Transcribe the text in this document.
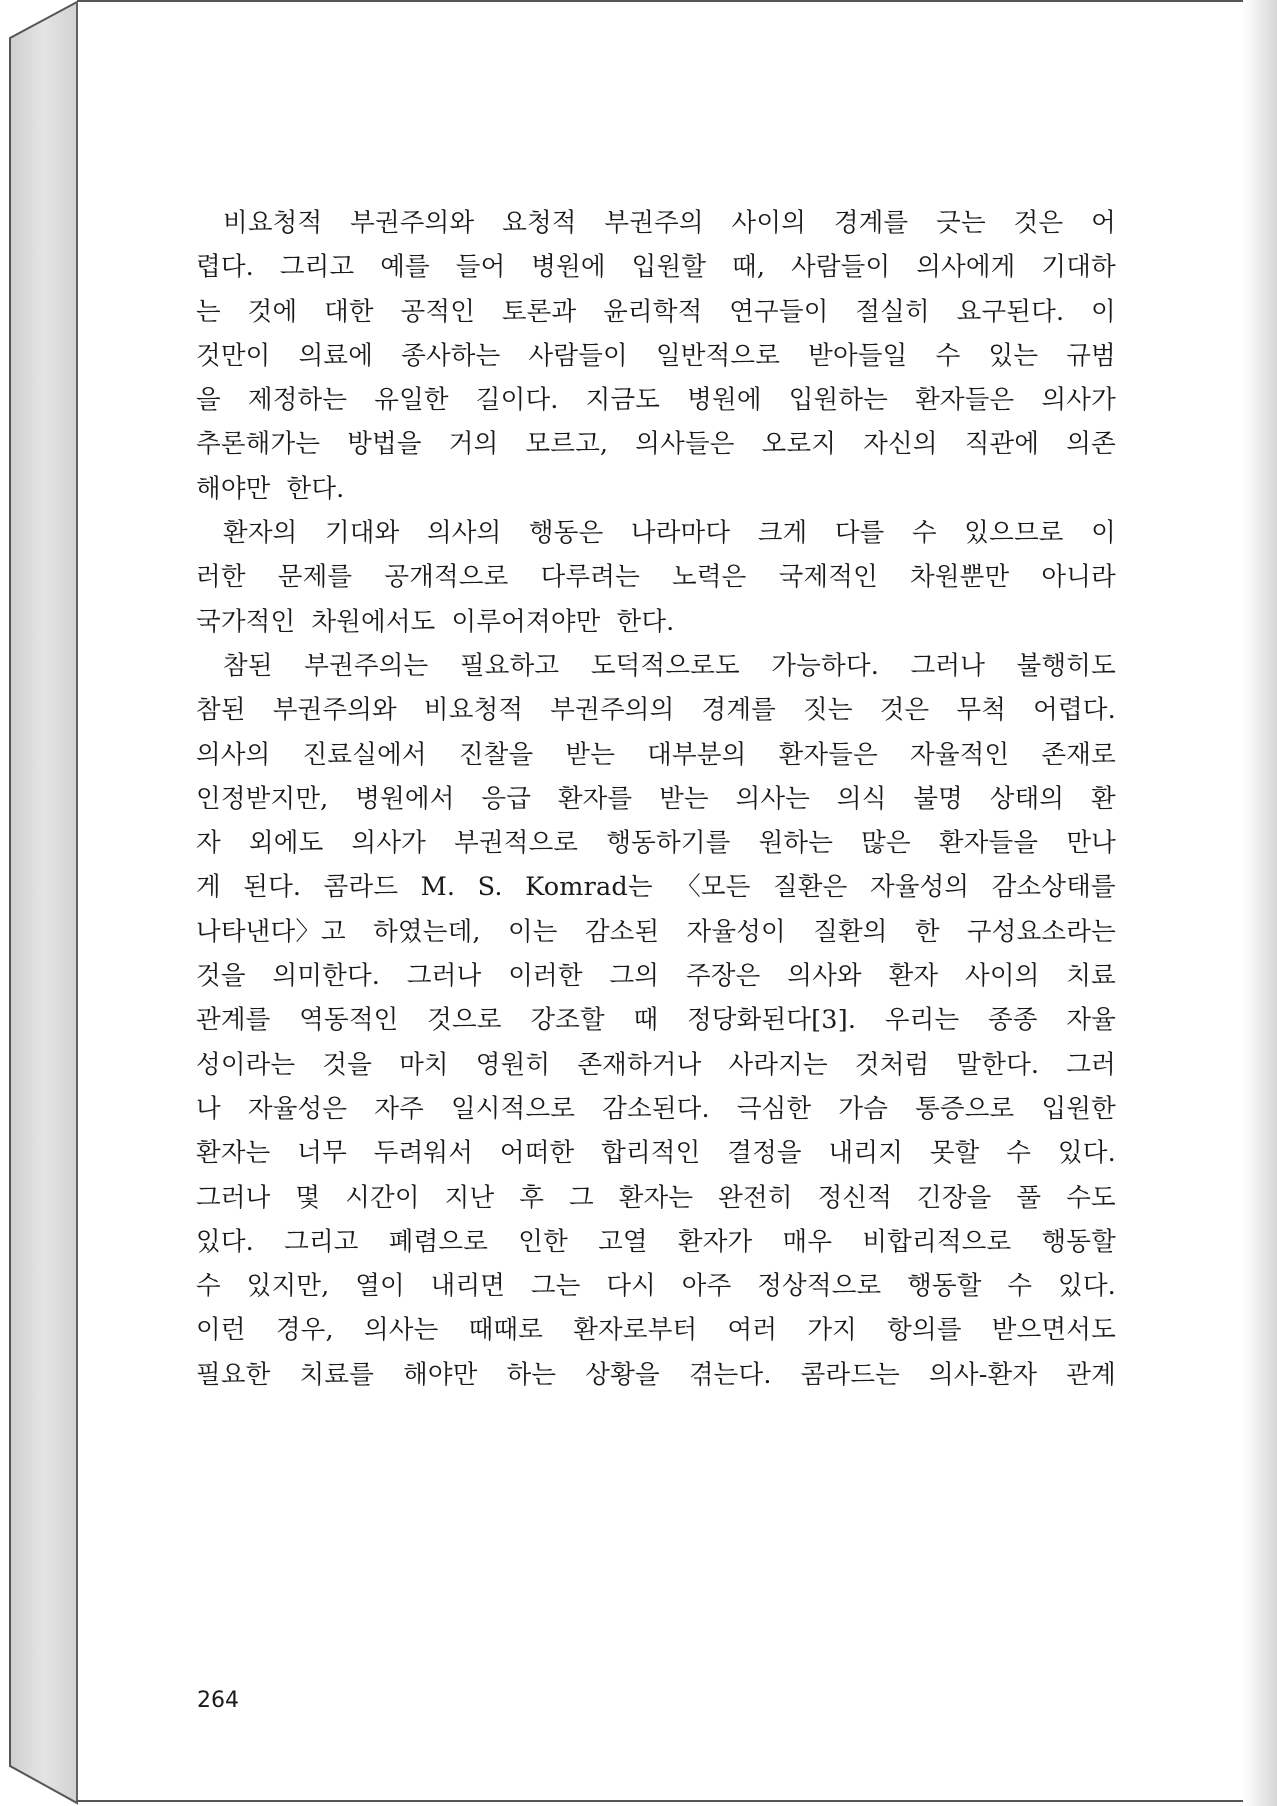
비요청적 부권주의와 요청적 부권주의 사이의 경계를 긋는 것은 어
렵다. 그리고 예를 들어 병원에 입원할 때, 사람들이 의사에게 기대하
는 것에 대한 공적인 토론과 윤리학적 연구들이 절실히 요구된다. 이
것만이 의료에 종사하는 사람들이 일반적으로 받아들일 수 있는 규범
을 제정하는 유일한 길이다. 지금도 병원에 입원하는 환자들은 의사가
추론해가는 방법을 거의 모르고, 의사들은 오로지 자신의 직관에 의존
해야만 한다.
환자의 기대와 의사의 행동은 나라마다 크게 다를 수 있으므로 이
러한 문제를 공개적으로 다루려는 노력은 국제적인 차원뿐만 아니라
국가적인 차원에서도 이루어져야만 한다.
참된 부권주의는 필요하고 도덕적으로도 가능하다. 그러나 불행히도
참된 부권주의와 비요청적 부권주의의 경계를 짓는 것은 무척 어렵다.
의사의 진료실에서 진찰을 받는 대부분의 환자들은 자율적인 존재로
인정받지만, 병원에서 응급 환자를 받는 의사는 의식 불명 상태의 환
자 외에도 의사가 부권적으로 행동하기를 원하는 많은 환자들을 만나
게 된다. 콤라드 M. S. Komrad는 〈모든 질환은 자율성의 감소상태를
나타낸다〉고 하였는데, 이는 감소된 자율성이 질환의 한 구성요소라는
것을 의미한다. 그러나 이러한 그의 주장은 의사와 환자 사이의 치료
관계를 역동적인 것으로 강조할 때 정당화된다[3]. 우리는 종종 자율
성이라는 것을 마치 영원히 존재하거나 사라지는 것처럼 말한다. 그러
나 자율성은 자주 일시적으로 감소된다. 극심한 가슴 통증으로 입원한
환자는 너무 두려워서 어떠한 합리적인 결정을 내리지 못할 수 있다.
그러나 몇 시간이 지난 후 그 환자는 완전히 정신적 긴장을 풀 수도
있다. 그리고 폐렴으로 인한 고열 환자가 매우 비합리적으로 행동할
수 있지만, 열이 내리면 그는 다시 아주 정상적으로 행동할 수 있다.
이런 경우, 의사는 때때로 환자로부터 여러 가지 항의를 받으면서도
필요한 치료를 해야만 하는 상황을 겪는다. 콤라드는 의사-환자 관계
264
